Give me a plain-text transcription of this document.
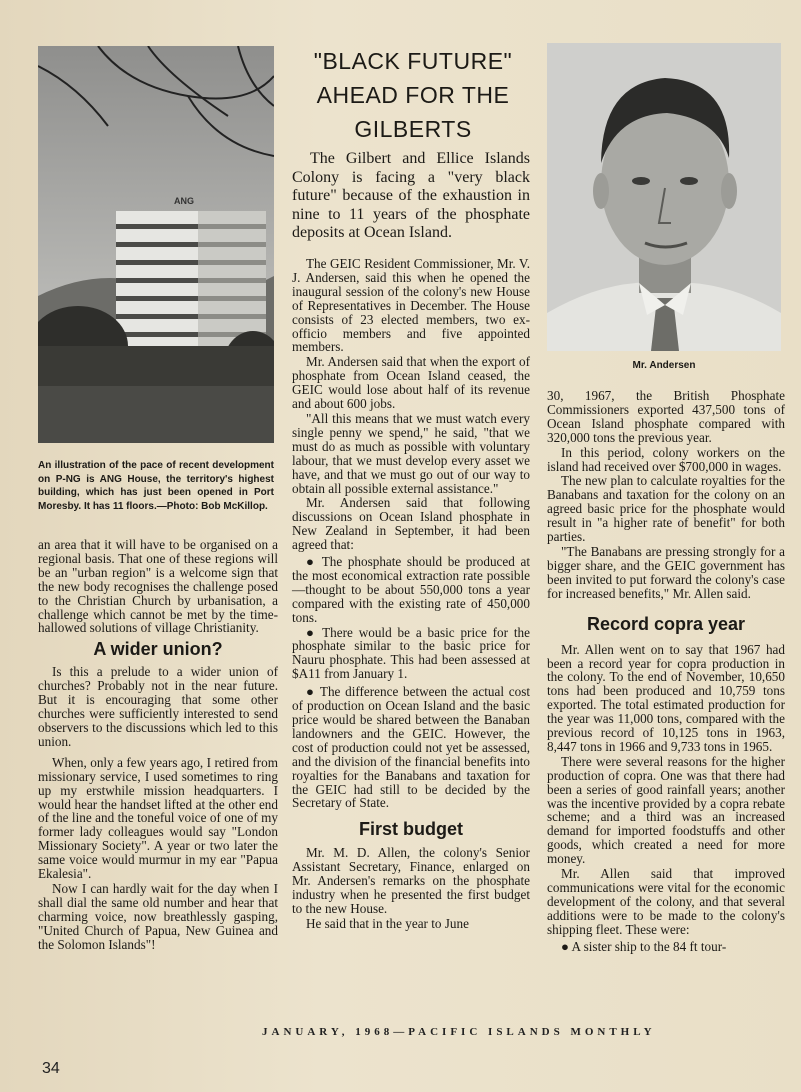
ANG
An illustration of the pace of recent development on P-NG is ANG House, the territory's highest building, which has just been opened in Port Moresby. It has 11 floors.—Photo: Bob McKillop.

an area that it will have to be organised on a regional basis. That one of these regions will be an "urban region" is a welcome sign that the new body recognises the challenge posed to the Christian Church by urbanisation, a challenge which cannot be met by the time-hallowed solutions of village Christianity.

A wider union?

Is this a prelude to a wider union of churches? Probably not in the near future. But it is encouraging that some other churches were sufficiently interested to send observers to the discussions which led to this union.

When, only a few years ago, I retired from missionary service, I used sometimes to ring up my erstwhile mission headquarters. I would hear the handset lifted at the other end of the line and the toneful voice of one of my former lady colleagues would say "London Missionary Society". A year or two later the same voice would murmur in my ear "Papua Ekalesia".

Now I can hardly wait for the day when I shall dial the same old number and hear that charming voice, now breathlessly gasping, "United Church of Papua, New Guinea and the Solomon Islands"!

"BLACK FUTURE" AHEAD FOR THE GILBERTS

The Gilbert and Ellice Islands Colony is facing a "very black future" because of the exhaustion in nine to 11 years of the phosphate deposits at Ocean Island.

The GEIC Resident Commissioner, Mr. V. J. Andersen, said this when he opened the inaugural session of the colony's new House of Representatives in December. The House consists of 23 elected members, two ex-officio members and five appointed members.

Mr. Andersen said that when the export of phosphate from Ocean Island ceased, the GEIC would lose about half of its revenue and about 600 jobs.

"All this means that we must watch every single penny we spend," he said, "that we must do as much as possible with voluntary labour, that we must develop every asset we have, and that we must go out of our way to obtain all possible external assistance."

Mr. Andersen said that following discussions on Ocean Island phosphate in New Zealand in September, it had been agreed that:

● The phosphate should be produced at the most economical extraction rate possible—thought to be about 550,000 tons a year compared with the existing rate of 450,000 tons.

● There would be a basic price for the phosphate similar to the basic price for Nauru phosphate. This had been assessed at $A11 from January 1.

● The difference between the actual cost of production on Ocean Island and the basic price would be shared between the Banaban landowners and the GEIC. However, the cost of production could not yet be assessed, and the division of the financial benefits into royalties for the Banabans and taxation for the GEIC had still to be decided by the Secretary of State.

First budget

Mr. M. D. Allen, the colony's Senior Assistant Secretary, Finance, enlarged on Mr. Andersen's remarks on the phosphate industry when he presented the first budget to the new House.

He said that in the year to June

Mr. Andersen

30, 1967, the British Phosphate Commissioners exported 437,500 tons of Ocean Island phosphate compared with 320,000 tons the previous year.

In this period, colony workers on the island had received over $700,000 in wages.

The new plan to calculate royalties for the Banabans and taxation for the colony on an agreed basic price for the phosphate would result in "a higher rate of benefit" for both parties.

"The Banabans are pressing strongly for a bigger share, and the GEIC government has been invited to put forward the colony's case for increased benefits," Mr. Allen said.

Record copra year

Mr. Allen went on to say that 1967 had been a record year for copra production in the colony. To the end of November, 10,650 tons had been produced and 10,759 tons exported. The total estimated production for the year was 11,000 tons, compared with the previous record of 10,125 tons in 1963, 8,447 tons in 1966 and 9,733 tons in 1965.

There were several reasons for the higher production of copra. One was that there had been a series of good rainfall years; another was the incentive provided by a copra rebate scheme; and a third was an increased demand for imported foodstuffs and other goods, which created a need for more money.

Mr. Allen said that improved communications were vital for the economic development of the colony, and that several additions were to be made to the colony's shipping fleet. These were:

● A sister ship to the 84 ft tour-

34
JANUARY, 1968—PACIFIC ISLANDS MONTHLY
